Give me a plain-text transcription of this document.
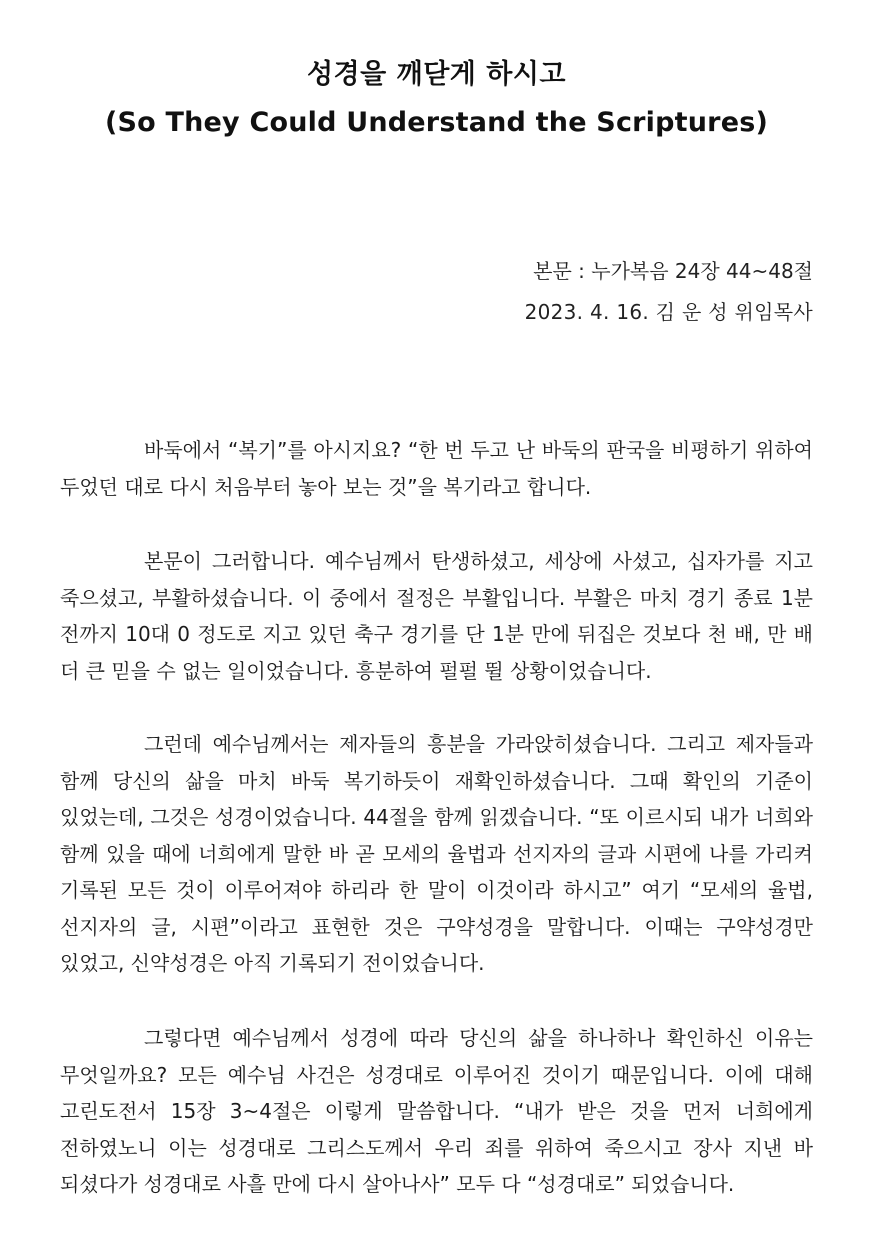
성경을 깨닫게 하시고
(So They Could Understand the Scriptures)
본문 : 누가복음 24장 44~48절
2023. 4. 16. 김 운 성 위임목사

바둑에서 “복기”를 아시지요? “한 번 두고 난 바둑의 판국을 비평하기 위하여 두었던 대로 다시 처음부터 놓아 보는 것”을 복기라고 합니다.

본문이 그러합니다. 예수님께서 탄생하셨고, 세상에 사셨고, 십자가를 지고 죽으셨고, 부활하셨습니다. 이 중에서 절정은 부활입니다. 부활은 마치 경기 종료 1분 전까지 10대 0 정도로 지고 있던 축구 경기를 단 1분 만에 뒤집은 것보다 천 배, 만 배 더 큰 믿을 수 없는 일이었습니다. 흥분하여 펄펄 뛸 상황이었습니다.

그런데 예수님께서는 제자들의 흥분을 가라앉히셨습니다. 그리고 제자들과 함께 당신의 삶을 마치 바둑 복기하듯이 재확인하셨습니다. 그때 확인의 기준이 있었는데, 그것은 성경이었습니다. 44절을 함께 읽겠습니다. “또 이르시되 내가 너희와 함께 있을 때에 너희에게 말한 바 곧 모세의 율법과 선지자의 글과 시편에 나를 가리켜 기록된 모든 것이 이루어져야 하리라 한 말이 이것이라 하시고” 여기 “모세의 율법, 선지자의 글, 시편”이라고 표현한 것은 구약성경을 말합니다. 이때는 구약성경만 있었고, 신약성경은 아직 기록되기 전이었습니다.

그렇다면 예수님께서 성경에 따라 당신의 삶을 하나하나 확인하신 이유는 무엇일까요? 모든 예수님 사건은 성경대로 이루어진 것이기 때문입니다. 이에 대해 고린도전서 15장 3~4절은 이렇게 말씀합니다. “내가 받은 것을 먼저 너희에게 전하였노니 이는 성경대로 그리스도께서 우리 죄를 위하여 죽으시고 장사 지낸 바 되셨다가 성경대로 사흘 만에 다시 살아나사” 모두 다 “성경대로” 되었습니다.
